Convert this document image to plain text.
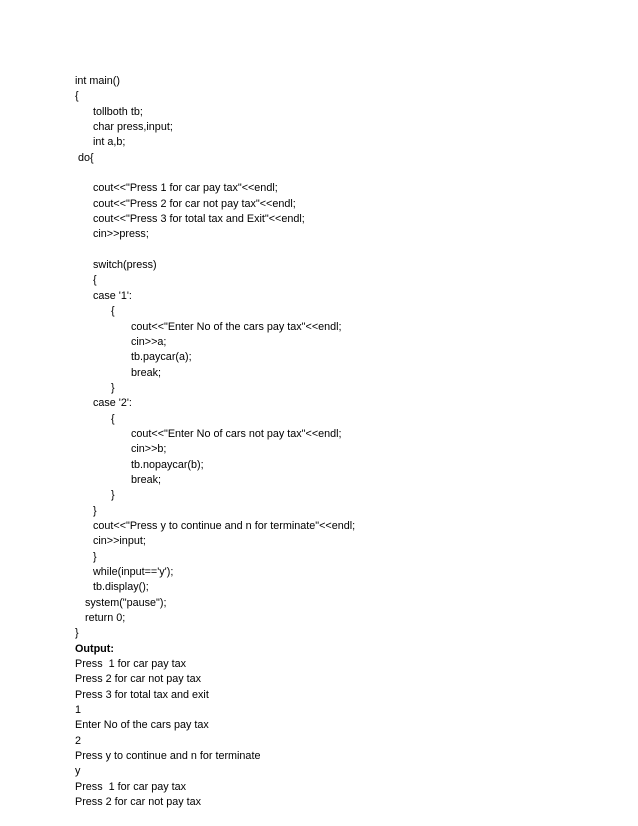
int main()
{
tollboth tb;
char press,input;
int a,b;
do{
cout<<"Press 1 for car pay tax"<<endl;
cout<<"Press 2 for car not pay tax"<<endl;
cout<<"Press 3 for total tax and Exit"<<endl;
cin>>press;
switch(press)
{
case '1':
{
cout<<"Enter No of the cars pay tax"<<endl;
cin>>a;
tb.paycar(a);
break;
}
case '2':
{
cout<<"Enter No of cars not pay tax"<<endl;
cin>>b;
tb.nopaycar(b);
break;
}
}
cout<<"Press y to continue and n for terminate"<<endl;
cin>>input;
}
while(input=='y');
tb.display();
system("pause");
return 0;
}
Output:
Press  1 for car pay tax
Press 2 for car not pay tax
Press 3 for total tax and exit
1
Enter No of the cars pay tax
2
Press y to continue and n for terminate
y
Press  1 for car pay tax
Press 2 for car not pay tax
